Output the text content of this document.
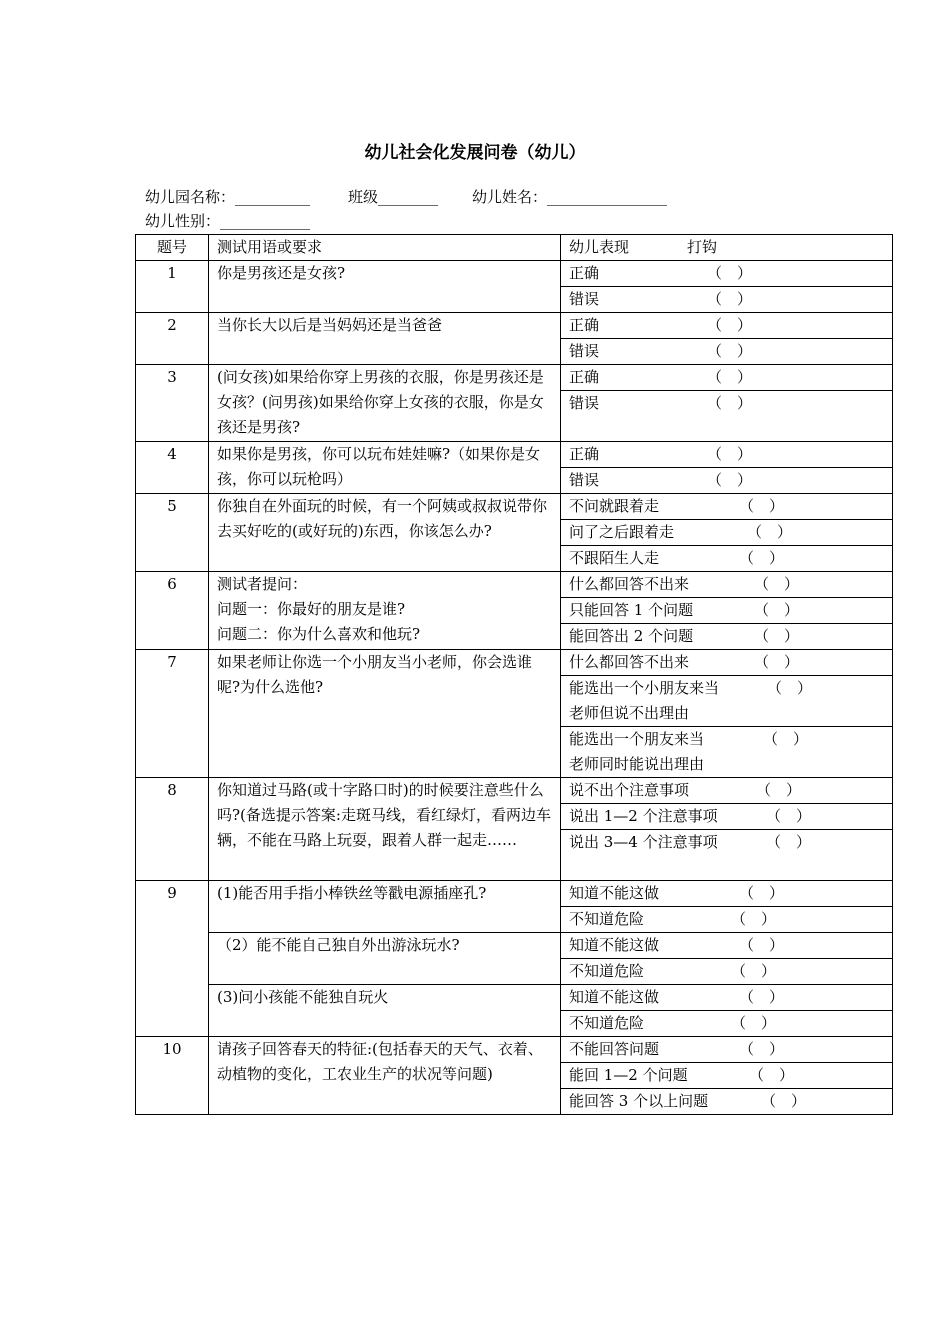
幼儿社会化发展问卷（幼儿）
幼儿园名称：__________	班级________ 幼儿姓名：________________
幼儿性别：____________
题号	测试用语或要求	幼儿表现 打钩
1	你是男孩还是女孩?	正确 （　）
		错误 （　）
2	当你长大以后是当妈妈还是当爸爸	正确 （　）
		错误 （　）
3	(问女孩)如果给你穿上男孩的衣服，你是男孩还是女孩？(问男孩)如果给你穿上女孩的衣服，你是女孩还是男孩?	正确 （　）
		错误 （　）
4	如果你是男孩，你可以玩布娃娃嘛?（如果你是女孩，你可以玩枪吗）	正确 （　）
		错误 （　）
5	你独自在外面玩的时候，有一个阿姨或叔叔说带你去买好吃的(或好玩的)东西，你该怎么办?	不问就跟着走 （　）
		问了之后跟着走 （　）
		不跟陌生人走 （　）
6	测试者提问：
问题一：你最好的朋友是谁?
问题二：你为什么喜欢和他玩?	什么都回答不出来 （　）
		只能回答 1 个问题 （　）
		能回答出 2 个问题 （　）
7	如果老师让你选一个小朋友当小老师，你会选谁呢?为什么选他?	什么都回答不出来 （　）

		能选出一个小朋友来当 （　）
老师但说不出理由

		能选出一个朋友来当 （　）
老师同时能说出理由

8	你知道过马路(或十字路口时)的时候要注意些什么吗?(备选提示答案:走斑马线，看红绿灯，看两边车辆，不能在马路上玩耍，跟着人群一起走……	说不出个注意事项 （　）
		说出 1—2 个注意事项 （　）
		说出 3—4 个注意事项 （　）
9	(1)能否用手指小棒铁丝等戳电源插座孔?	知道不能这做 （　）
		不知道危险 （　）
	（2）能不能自己独自外出游泳玩水?	知道不能这做 （　）
		不知道危险 （　）
	(3)问小孩能不能独自玩火	知道不能这做 （　）
		不知道危险 （　）
10	请孩子回答春天的特征:(包括春天的天气、衣着、动植物的变化，工农业生产的状况等问题)	不能回答问题 （　）
		能回 1—2 个问题 （　）
		能回答 3 个以上问题 （　）
